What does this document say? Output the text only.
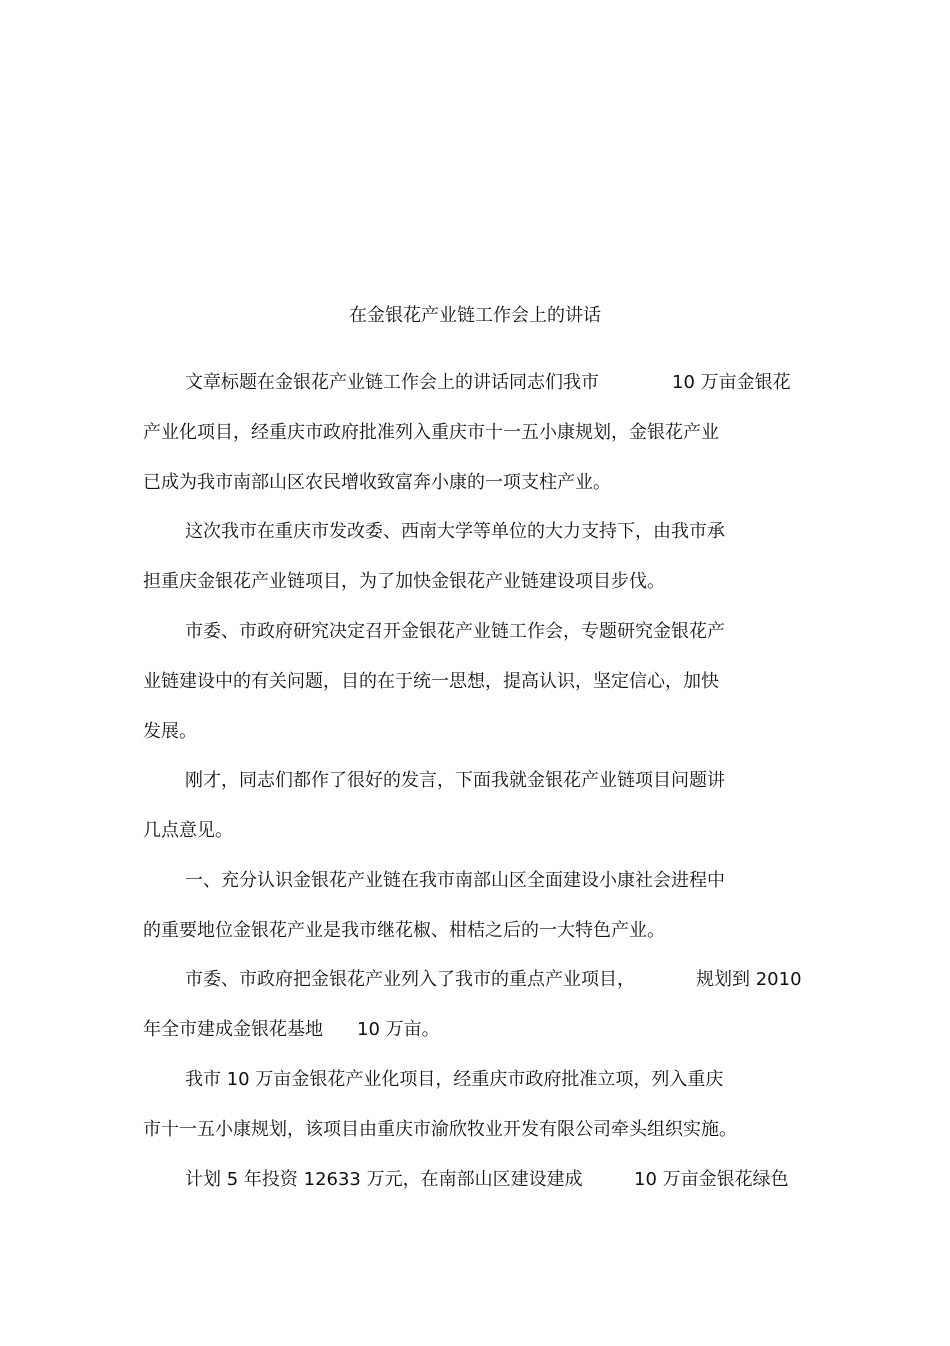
在金银花产业链工作会上的讲话
文章标题在金银花产业链工作会上的讲话同志们我市	10 万亩金银花
产业化项目，经重庆市政府批准列入重庆市十一五小康规划，金银花产业
已成为我市南部山区农民增收致富奔小康的一项支柱产业。
这次我市在重庆市发改委、西南大学等单位的大力支持下，由我市承
担重庆金银花产业链项目，为了加快金银花产业链建设项目步伐。
市委、市政府研究决定召开金银花产业链工作会，专题研究金银花产
业链建设中的有关问题，目的在于统一思想，提高认识，坚定信心，加快
发展。
刚才，同志们都作了很好的发言，下面我就金银花产业链项目问题讲
几点意见。
一、充分认识金银花产业链在我市南部山区全面建设小康社会进程中
的重要地位金银花产业是我市继花椒、柑桔之后的一大特色产业。
市委、市政府把金银花产业列入了我市的重点产业项目，	规划到 2010
年全市建成金银花基地 10 万亩。
我市 10 万亩金银花产业化项目，经重庆市政府批准立项，列入重庆
市十一五小康规划，该项目由重庆市渝欣牧业开发有限公司牵头组织实施。
计划 5 年投资 12633 万元，在南部山区建设建成	10 万亩金银花绿色
